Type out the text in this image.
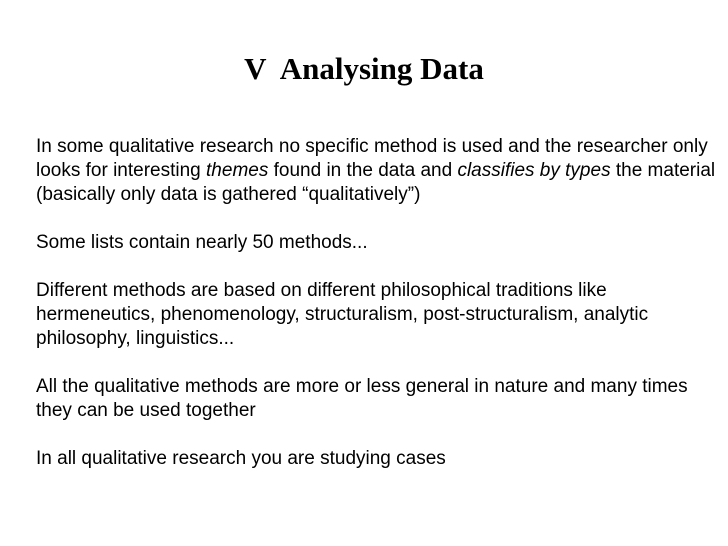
V  Analysing Data

In some qualitative research no specific method is used and the researcher only looks for interesting themes found in the data and classifies by types the material (basically only data is gathered “qualitatively”)

Some lists contain nearly 50 methods...

Different methods are based on different philosophical traditions like hermeneutics, phenomenology, structuralism, post-structuralism, analytic philosophy, linguistics...

All the qualitative methods are more or less general in nature and many times they can be used together

In all qualitative research you are studying cases
